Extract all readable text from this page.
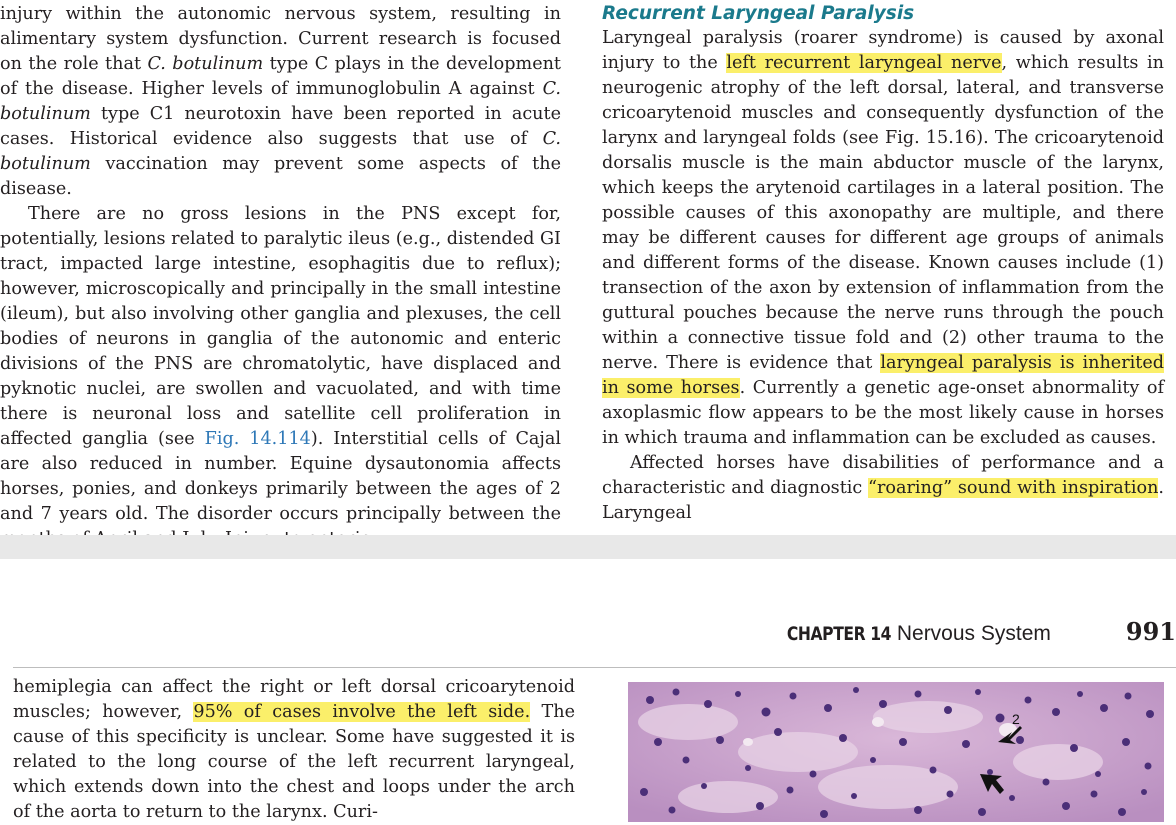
injury within the autonomic nervous system, resulting in alimentary system dysfunction. Current research is focused on the role that C. botulinum type C plays in the development of the disease. Higher levels of immunoglobulin A against C. botulinum type C1 neurotoxin have been reported in acute cases. Historical evidence also suggests that use of C. botulinum vaccination may prevent some aspects of the disease.

There are no gross lesions in the PNS except for, potentially, lesions related to paralytic ileus (e.g., distended GI tract, impacted large intestine, esophagitis due to reflux); however, microscopically and principally in the small intestine (ileum), but also involving other ganglia and plexuses, the cell bodies of neurons in ganglia of the autonomic and enteric divisions of the PNS are chromatolytic, have displaced and pyknotic nuclei, are swollen and vacuolated, and with time there is neuronal loss and satellite cell proliferation in affected ganglia (see Fig. 14.114). Interstitial cells of Cajal are also reduced in number. Equine dysautonomia affects horses, ponies, and donkeys primarily between the ages of 2 and 7 years old. The disorder occurs principally between the

Recurrent Laryngeal Paralysis

Laryngeal paralysis (roarer syndrome) is caused by axonal injury to the left recurrent laryngeal nerve, which results in neurogenic atrophy of the left dorsal, lateral, and transverse cricoarytenoid muscles and consequently dysfunction of the larynx and laryngeal folds (see Fig. 15.16). The cricoarytenoid dorsalis muscle is the main abductor muscle of the larynx, which keeps the arytenoid cartilages in a lateral position. The possible causes of this axonopathy are multiple, and there may be different causes for different age groups of animals and different forms of the disease. Known causes include (1) transection of the axon by extension of inflammation from the guttural pouches because the nerve runs through the pouch within a connective tissue fold and (2) other trauma to the nerve. There is evidence that laryngeal paralysis is inherited in some horses. Currently a genetic age-onset abnormality of axoplasmic flow appears to be the most likely cause in horses in which trauma and inflammation can be excluded as causes.

Affected horses have disabilities of performance and a characteristic and diagnostic “roaring” sound with inspiration. Laryngeal

CHAPTER 14 Nervous System	991

hemiplegia can affect the right or left dorsal cricoarytenoid muscles; however, 95% of cases involve the left side. The cause of this specificity is unclear. Some have suggested it is related to the long course of the left recurrent laryngeal, which extends down into the chest and loops under the arch of the aorta to return to the larynx. Curi-

2
